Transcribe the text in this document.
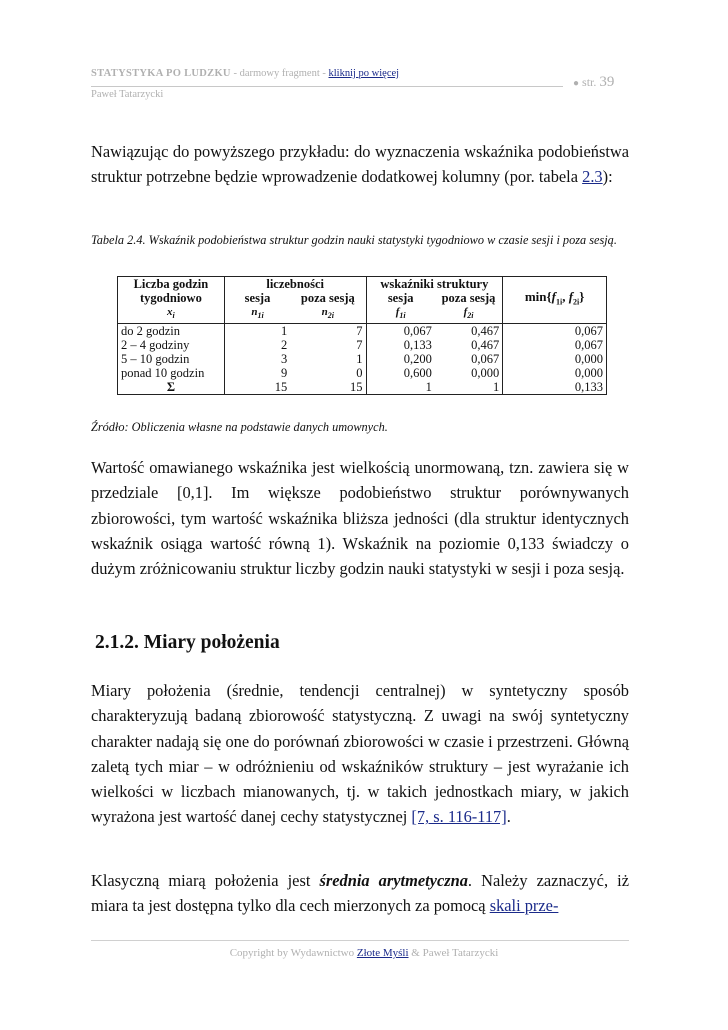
STATYSTYKA PO LUDZKU - darmowy fragment - kliknij po więcej
● str. 39
Paweł Tatarzycki
Nawiązując do powyższego przykładu: do wyznaczenia wskaźnika podobieństwa struktur potrzebne będzie wprowadzenie dodatkowej kolumny (por. tabela 2.3):
Tabela 2.4. Wskaźnik podobieństwa struktur godzin nauki statystyki tygodniowo w czasie sesji i poza sesją.
Liczba godzin tygodniowo	liczebności		wskaźniki struktury		$\min\{f_{1i}$, $f_{2i}$}
	sesja	poza sesją	sesja	poza sesją	
$x_i$	$n_{1i}$	$n_{2i}$	$f_{1i}$	$f_{2i}$
do 2 godzin	1	7	0,067	0,467	0,067
2 – 4 godziny	2	7	0,133	0,467	0,067
5 – 10 godzin	3	1	0,200	0,067	0,000
ponad 10 godzin	9	0	0,600	0,000	0,000
Σ	15	15	1	1	0,133
Źródło: Obliczenia własne na podstawie danych umownych.
Wartość omawianego wskaźnika jest wielkością unormowaną, tzn. zawiera się w przedziale [0,1]. Im większe podobieństwo struktur porównywanych zbiorowości, tym wartość wskaźnika bliższa jedności (dla struktur identycznych wskaźnik osiąga wartość równą 1). Wskaźnik na poziomie 0,133 świadczy o dużym zróżnicowaniu struktur liczby godzin nauki statystyki w sesji i poza sesją.
2.1.2. Miary położenia
Miary położenia (średnie, tendencji centralnej) w syntetyczny sposób charakteryzują badaną zbiorowość statystyczną. Z uwagi na swój syntetyczny charakter nadają się one do porównań zbiorowości w czasie i przestrzeni. Główną zaletą tych miar – w odróżnieniu od wskaźników struktury – jest wyrażanie ich wielkości w liczbach mianowanych, tj. w takich jednostkach miary, w jakich wyrażona jest wartość danej cechy statystycznej [7, s. 116-117].
Klasyczną miarą położenia jest średnia arytmetyczna. Należy zaznaczyć, iż miara ta jest dostępna tylko dla cech mierzonych za pomocą skali prze-
Copyright by Wydawnictwo Złote Myśli & Paweł Tatarzycki
